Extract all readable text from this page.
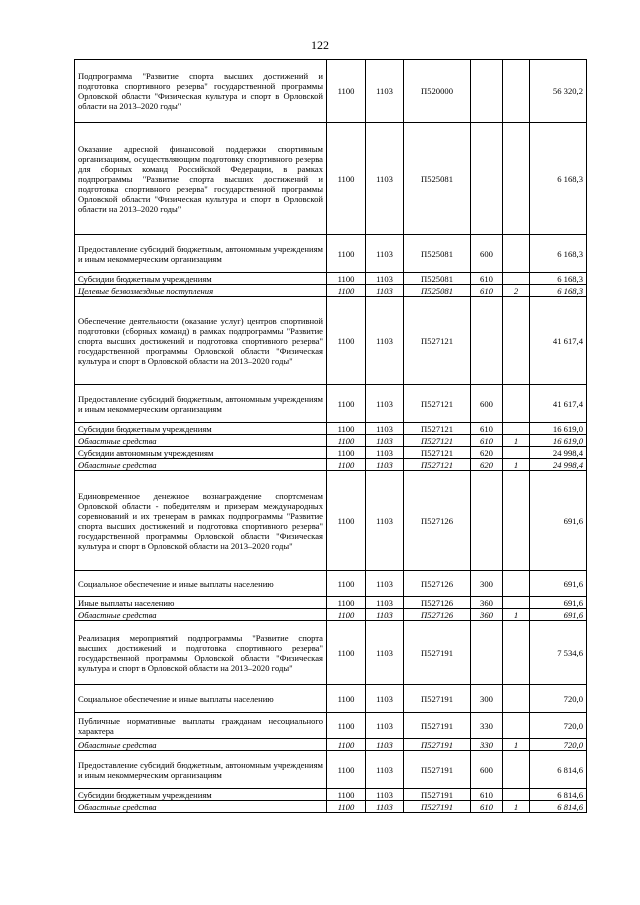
122
Подпрограмма "Развитие спорта высших достижений и подготовка спортивного резерва" государственной программы Орловской области "Физическая культура и спорт в Орловской области на 2013–2020 годы"	1100	1103	П520000			56 320,2
Оказание адресной финансовой поддержки спортивным организациям, осуществляющим подготовку спортивного резерва для сборных команд Российской Федерации, в рамках подпрограммы "Развитие спорта высших достижений и подготовка спортивного резерва" государственной программы Орловской области "Физическая культура и спорт в Орловской области на 2013–2020 годы"	1100	1103	П525081			6 168,3
Предоставление субсидий бюджетным, автономным учреждениям и иным некоммерческим организациям	1100	1103	П525081	600		6 168,3
Субсидии бюджетным учреждениям	1100	1103	П525081	610		6 168,3
Целевые безвозмездные поступления	1100	1103	П525081	610	2	6 168,3
Обеспечение деятельности (оказание услуг) центров спортивной подготовки (сборных команд) в рамках подпрограммы "Развитие спорта высших достижений и подготовка спортивного резерва" государственной программы Орловской области "Физическая культура и спорт в Орловской области на 2013–2020 годы"	1100	1103	П527121			41 617,4
Предоставление субсидий бюджетным, автономным учреждениям и иным некоммерческим организациям	1100	1103	П527121	600		41 617,4
Субсидии бюджетным учреждениям	1100	1103	П527121	610		16 619,0
Областные средства	1100	1103	П527121	610	1	16 619,0
Субсидии автономным учреждениям	1100	1103	П527121	620		24 998,4
Областные средства	1100	1103	П527121	620	1	24 998,4
Единовременное денежное вознаграждение спортсменам Орловской области - победителям и призерам международных соревнований и их тренерам в рамках подпрограммы "Развитие спорта высших достижений и подготовка спортивного резерва" государственной программы Орловской области "Физическая культура и спорт в Орловской области на 2013–2020 годы"	1100	1103	П527126			691,6
Социальное обеспечение и иные выплаты населению	1100	1103	П527126	300		691,6
Иные выплаты населению	1100	1103	П527126	360		691,6
Областные средства	1100	1103	П527126	360	1	691,6
Реализация мероприятий подпрограммы "Развитие спорта высших достижений и подготовка спортивного резерва" государственной программы Орловской области "Физическая культура и спорт в Орловской области на 2013–2020 годы"	1100	1103	П527191			7 534,6
Социальное обеспечение и иные выплаты населению	1100	1103	П527191	300		720,0
Публичные нормативные выплаты гражданам несоциального характера	1100	1103	П527191	330		720,0
Областные средства	1100	1103	П527191	330	1	720,0
Предоставление субсидий бюджетным, автономным учреждениям и иным некоммерческим организациям	1100	1103	П527191	600		6 814,6
Субсидии бюджетным учреждениям	1100	1103	П527191	610		6 814,6
Областные средства	1100	1103	П527191	610	1	6 814,6
